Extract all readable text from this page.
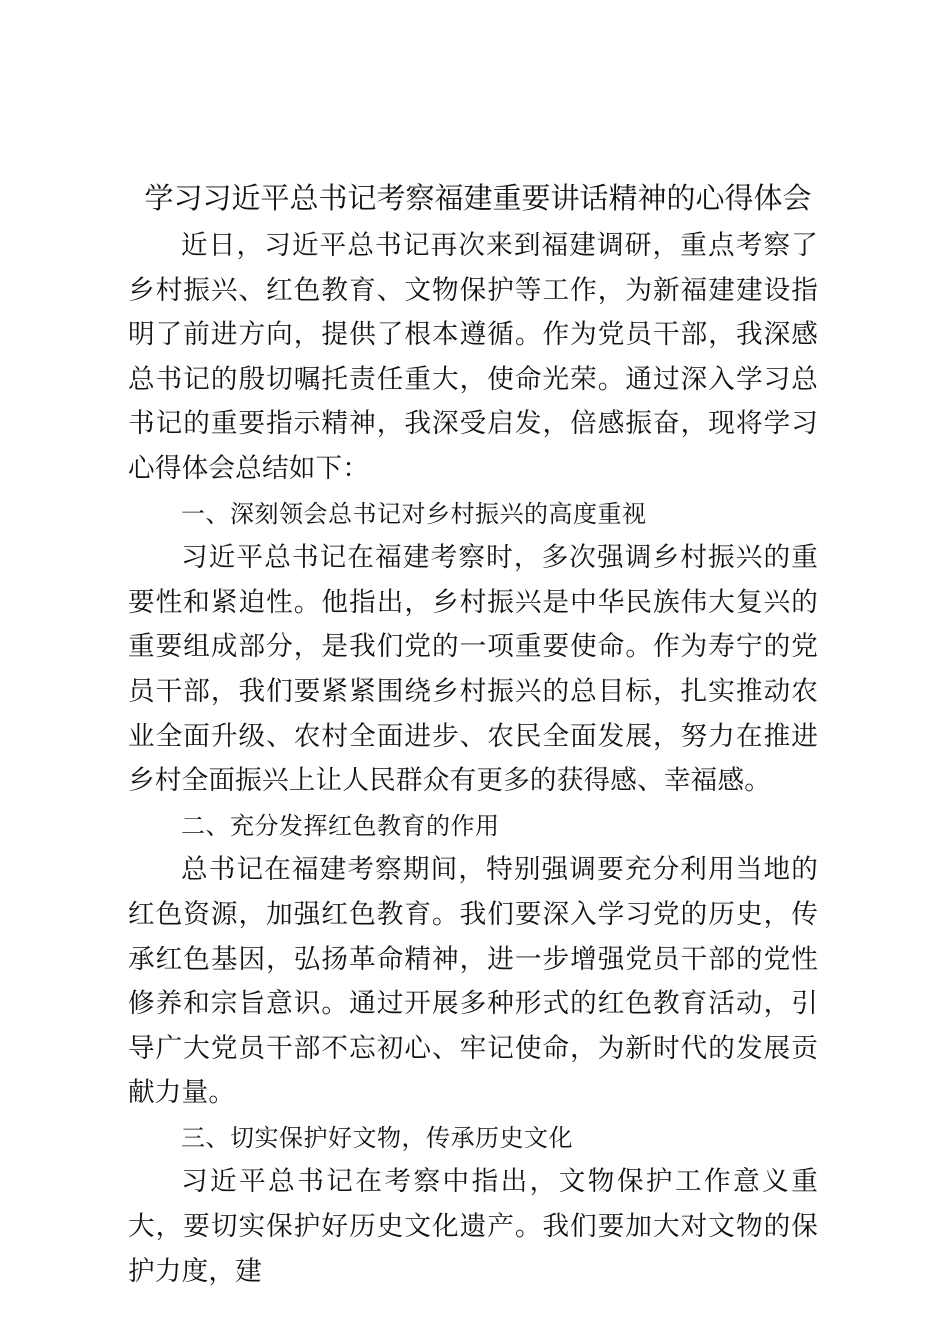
学习习近平总书记考察福建重要讲话精神的心得体会

近日，习近平总书记再次来到福建调研，重点考察了乡村振兴、红色教育、文物保护等工作，为新福建建设指明了前进方向，提供了根本遵循。作为党员干部，我深感总书记的殷切嘱托责任重大，使命光荣。通过深入学习总书记的重要指示精神，我深受启发，倍感振奋，现将学习心得体会总结如下：

一、深刻领会总书记对乡村振兴的高度重视

习近平总书记在福建考察时，多次强调乡村振兴的重要性和紧迫性。他指出，乡村振兴是中华民族伟大复兴的重要组成部分，是我们党的一项重要使命。作为寿宁的党员干部，我们要紧紧围绕乡村振兴的总目标，扎实推动农业全面升级、农村全面进步、农民全面发展，努力在推进乡村全面振兴上让人民群众有更多的获得感、幸福感。

二、充分发挥红色教育的作用

总书记在福建考察期间，特别强调要充分利用当地的红色资源，加强红色教育。我们要深入学习党的历史，传承红色基因，弘扬革命精神，进一步增强党员干部的党性修养和宗旨意识。通过开展多种形式的红色教育活动，引导广大党员干部不忘初心、牢记使命，为新时代的发展贡献力量。

三、切实保护好文物，传承历史文化

习近平总书记在考察中指出，文物保护工作意义重大，要切实保护好历史文化遗产。我们要加大对文物的保护力度，建
